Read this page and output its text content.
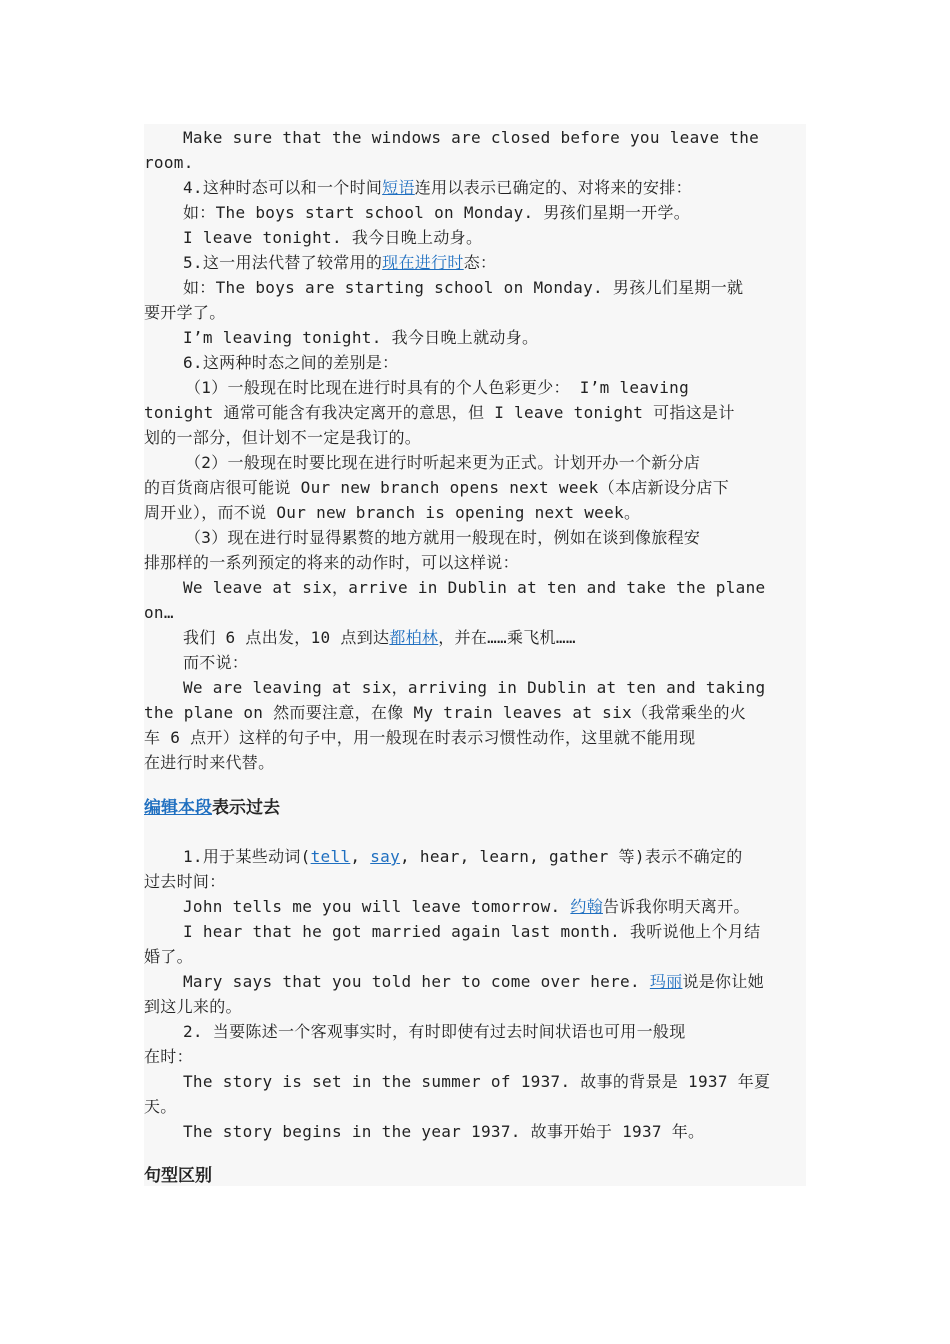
Make sure that the windows are closed before you leave the
room.
4.这种时态可以和一个时间短语连用以表示已确定的、对将来的安排：
如：The boys start school on Monday. 男孩们星期一开学。
I leave tonight. 我今日晚上动身。
5.这一用法代替了较常用的现在进行时态：
如：The boys are starting school on Monday. 男孩儿们星期一就
要开学了。
I’m leaving tonight. 我今日晚上就动身。
6.这两种时态之间的差别是：
（1）一般现在时比现在进行时具有的个人色彩更少： I’m leaving
tonight 通常可能含有我决定离开的意思，但 I leave tonight 可指这是计
划的一部分，但计划不一定是我订的。
（2）一般现在时要比现在进行时听起来更为正式。计划开办一个新分店
的百货商店很可能说 Our new branch opens next week（本店新设分店下
周开业），而不说 Our new branch is opening next week。
（3）现在进行时显得累赘的地方就用一般现在时，例如在谈到像旅程安
排那样的一系列预定的将来的动作时，可以这样说：
We leave at six，arrive in Dublin at ten and take the plane
on…
我们 6 点出发，10 点到达都柏林，并在……乘飞机……
而不说：
We are leaving at six，arriving in Dublin at ten and taking
the plane on 然而要注意，在像 My train leaves at six（我常乘坐的火
车 6 点开）这样的句子中，用一般现在时表示习惯性动作，这里就不能用现
在进行时来代替。
编辑本段表示过去
1.用于某些动词(tell, say, hear, learn, gather 等)表示不确定的
过去时间：
John tells me you will leave tomorrow. 约翰告诉我你明天离开。
I hear that he got married again last month. 我听说他上个月结
婚了。
Mary says that you told her to come over here. 玛丽说是你让她
到这儿来的。
2. 当要陈述一个客观事实时，有时即使有过去时间状语也可用一般现
在时：
The story is set in the summer of 1937. 故事的背景是 1937 年夏
天。
The story begins in the year 1937. 故事开始于 1937 年。
句型区别
